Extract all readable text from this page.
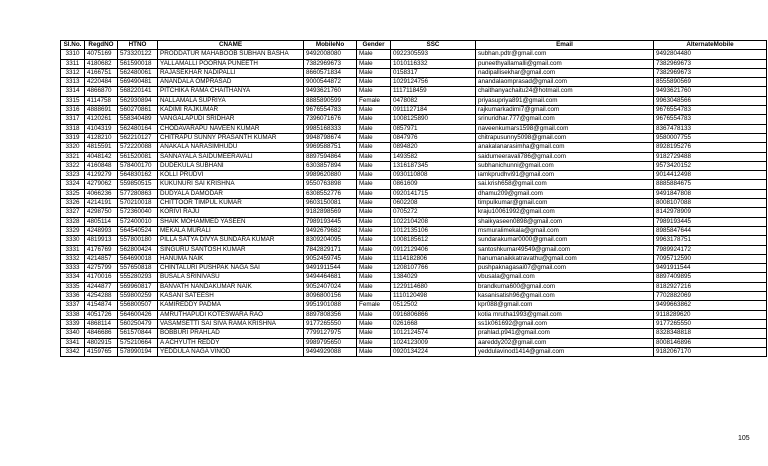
Sl.No.	RegdNO	HTNO	CNAME	MobileNo	Gender	SSC	Email	AlternateMobile
3310	4075169	573320122	PRODDATUR MAHABOOB SUBHAN BASHA	9492008080	Male	0922305593	subhan.pdtr@gmail.com	9492804480
3311	4180682	561590018	YALLAMALLI POORNA PUNEETH	7382969673	Male	1010116332	puneethyallamalli@gmail.com	7382969673
3312	4166751	562480061	RAJASEKHAR NADIPALLI	8660571834	Male	0158317	nadipallisekhar@gmail.com	7382969673
3313	4220484	569490481	ANANDALA OMPRASAD	9000544872	Male	1029124756	anandalaomprasad@gmail.com	8555890569
3314	4866870	568220141	PITCHIKA RAMA CHAITHANYA	9493621760	Male	1117118459	chaithanyachaitu24@hotmail.com	9493621760
3315	4114758	562930894	NALLAMALA SUPRIYA	8885890599	Female	0478082	priyasupriya891@gmail.com	9963048566
3316	4888691	560270861	KADIMI RAJKUMAR	9676554783	Male	0911127184	rajkumarkadimi7@gmail.com	9676554783
3317	4120261	558340489	VANGALAPUDI SRIDHAR	7396071676	Male	1008125890	srinuridhar.777@gmail.com	9676554783
3318	4104319	562480164	CHODAVARAPU NAVEEN KUMAR	9985168333	Male	0857971	naveenkumars1598@gmail.com	8367478133
3319	4128210	562210127	CHITRAPU SUNNY PRASANTH KUMAR	9948798674	Male	0847976	chitrapusunny5098@gmail.com	9580007755
3320	4815591	572220088	ANAKALA NARASIMHUDU	9969588751	Male	0894820	anakalanarasimha@gmail.com	8928195276
3321	4048142	561520081	SANNAYALA SAIDUMEERAVALI	8897594864	Male	1493582	saidumeeravali786@gmail.com	9182729488
3322	4160848	578400170	DUDEKULA SUBHANI	6303857894	Male	1316187345	subhanichunni@gmail.com	9573420152
3323	4129279	564830162	KOLLI PRUDVI	9989620880	Male	0930110808	iamkprudhvi91@gmail.com	9014412498
3324	4279062	559850515	KUKUNURI SAI KRISHNA	9550763898	Male	0861609	sai.krish658@gmail.com	8885884675
3325	4066236	577280863	DUDYALA DAMODAR	6308552776	Male	0920141715	dhamu209@gmail.com	9491847808
3326	4214191	570210018	CHITTOOR TIMPUL KUMAR	9603150081	Male	0602208	timpulkumar@gmail.com	8008107088
3327	4298750	572360040	KORIVI RAJU	9182898569	Male	0705272	kraju10061992@gmail.com	8142978909
3328	4805114	572400010	SHAIK MOHAMMED YASEEN	7989193445	Male	1022104208	shaikyaseen0898@gmail.com	7989193445
3329	4248993	564540524	MEKALA MURALI	9492679682	Male	1012135106	msmuralimekala@gmail.com	8985847644
3330	4819913	557800180	PILLA SATYA DIVYA SUNDARA KUMAR	8309204095	Male	1008185612	sundarakumar0000@gmail.com	9963178751
3331	4176769	562800424	SINGURU SANTOSH KUMAR	7842829171	Male	0912129406	santoshkumar49549@gmail.com	7989924172
3332	4214857	564690018	HANUMA NAIK	9052459745	Male	1114182806	hanumanaikkatravathu@gmail.com	7095712590
3333	4275799	557650818	CHINTALURI PUSHPAK NAGA SAI	9491911544	Male	1208107766	pushpaknagasai07@gmail.com	9491911544
3334	4170016	555280293	BUSALA SRINIVASU	9494464681	Male	1384029	vbusala@gmail.com	8897409895
3335	4244877	569960817	BANVATH NANDAKUMAR NAIK	9052407024	Male	1229114680	brandkuma600@gmail.com	8182927216
3336	4254288	559800259	KASANI SATEESH	8096800156	Male	1110120498	kasanisatish96@gmail.com	7702882069
3337	4154874	556800507	KAMIREDDY PADMA	9951901088	Female	0512502	kpr088@gmail.com	9499663862
3338	4051726	564600426	AMRUTHAPUDI KOTESWARA RAO	8897808356	Male	0916806866	kotia mrutha1993@gmail.com	9118289620
3339	4868114	560250479	VASAMSETTI SAI SIVA RAMA KRISHNA	9177265550	Male	0261668	ss1k061692@gmail.com	9177265550
3340	4846686	561570844	BOBBURI PRAHLAD	7799127975	Male	1012124574	prahlad.p941@gmail.com	8328348818
3341	4802915	575210664	A ACHYUTH REDDY	9989795650	Male	1024123009	aareddy202@gmail.com	8008146896
3342	4159765	578990194	YEDDULA NAGA VINOD	9494929088	Male	0920134224	yeddulavinod1414@gmail.com	9182067170
105
